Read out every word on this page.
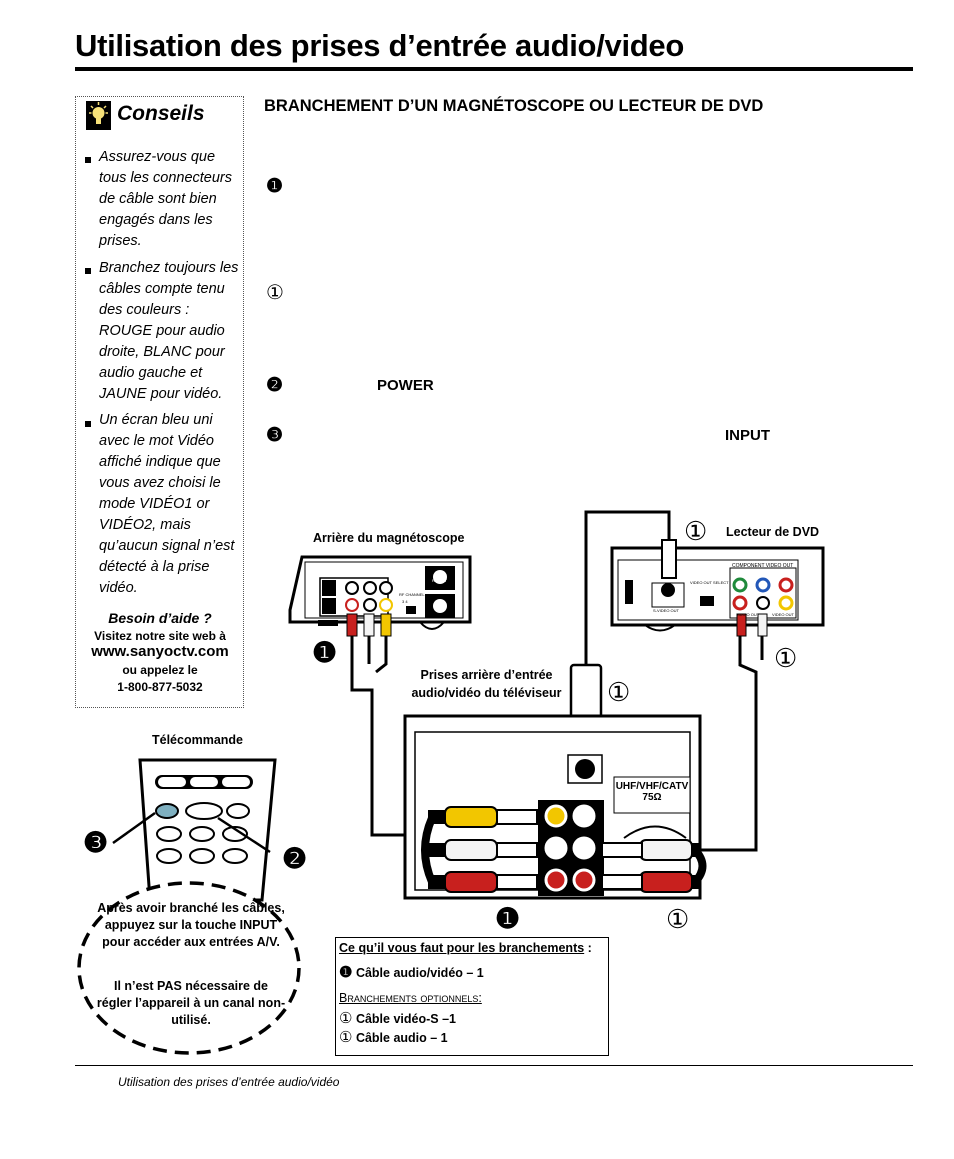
Utilisation des prises d’entrée audio/video
Conseils
Assurez-vous que
tous les connecteurs
de câble sont bien
engagés dans les
prises.
Branchez toujours les
câbles compte tenu
des couleurs :
ROUGE pour audio
droite, BLANC pour
audio gauche et
JAUNE pour vidéo.
Un écran bleu uni
avec le mot Vidéo
affiché indique que
vous avez choisi le
mode VIDÉO1 or
VIDÉO2, mais
qu’aucun signal n’est
détecté à la prise
vidéo.
Besoin d’aide ?
Visitez notre site web à
www.sanyoctv.com
ou appelez le
1-800-877-5032
BRANCHEMENT D’UN MAGNÉTOSCOPE OU LECTEUR DE DVD
❶
①
❷	POWER
❸	INPUT
Arrière du magnétoscope	Lecteur de DVD
Prises arrière d’entrée
audio/vidéo du téléviseur
UHF/VHF/CATV
75Ω
Télécommande
COMPONENT VIDEO OUT
AUDIO OUT	VIDEO OUT
S-VIDEO OUT
VIDEO OUT SELECT
RF OUT
RF CHANNEL
3 4
❶
❶
❷
❸
①
①
①
①
Après avoir branché les câbles, appuyez sur la touche INPUT pour accéder aux entrées A/V.
Il n’est PAS nécessaire de régler l’appareil à un canal non-utilisé.
Ce qu’il vous faut pour les branchements :
❶ Câble audio/vidéo – 1
Branchements optionnels:
① Câble vidéo-S –1
① Câble audio – 1
Utilisation des prises d’entrée audio/vidéo
